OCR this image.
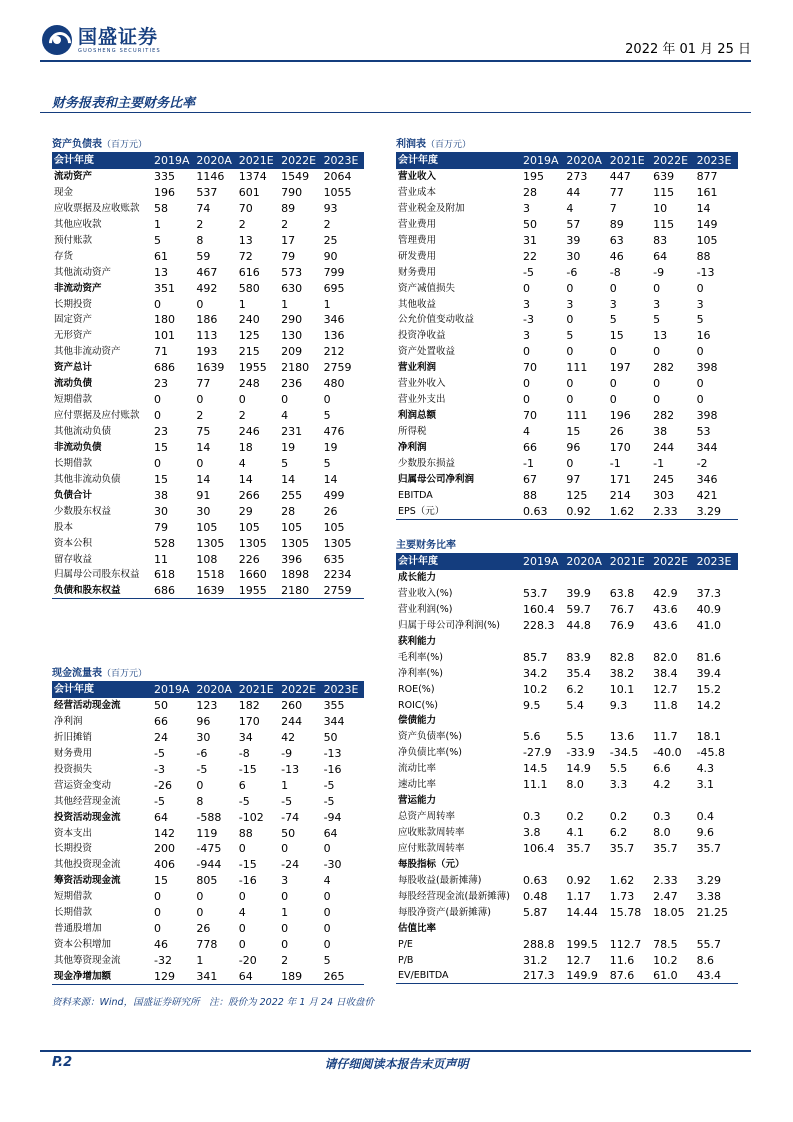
国盛证券
GUOSHENG SECURITIES	2022 年 01 月 25 日
财务报表和主要财务比率
资产负债表（百万元）
会计年度	2019A 2020A 2021E 2022E 2023E
流动资产	335	1146	1374	1549	2064
现金	196	537	601	790	1055
应收票据及应收账款	58	74	70	89	93
其他应收款	1	2	2	2	2
预付账款	5	8	13	17	25
存货	61	59	72	79	90
其他流动资产	13	467	616	573	799
非流动资产	351	492	580	630	695
长期投资	0	0	1	1	1
固定资产	180	186	240	290	346
无形资产	101	113	125	130	136
其他非流动资产	71	193	215	209	212
资产总计	686	1639	1955	2180	2759
流动负债	23	77	248	236	480
短期借款	0	0	0	0	0
应付票据及应付账款	0	2	2	4	5
其他流动负债	23	75	246	231	476
非流动负债	15	14	18	19	19
长期借款	0	0	4	5	5
其他非流动负债	15	14	14	14	14
负债合计	38	91	266	255	499
少数股东权益	30	30	29	28	26
股本	79	105	105	105	105
资本公积	528	1305	1305	1305	1305
留存收益	11	108	226	396	635
归属母公司股东权益	618	1518	1660	1898	2234
负债和股东权益	686	1639	1955	2180	2759
利润表（百万元）
会计年度	2019A 2020A 2021E 2022E 2023E
营业收入	195	273	447	639	877
营业成本	28	44	77	115	161
营业税金及附加	3	4	7	10	14
营业费用	50	57	89	115	149
管理费用	31	39	63	83	105
研发费用	22	30	46	64	88
财务费用	-5	-6	-8	-9	-13
资产减值损失	0	0	0	0	0
其他收益	3	3	3	3	3
公允价值变动收益	-3	0	5	5	5
投资净收益	3	5	15	13	16
资产处置收益	0	0	0	0	0
营业利润	70	111	197	282	398
营业外收入	0	0	0	0	0
营业外支出	0	0	0	0	0
利润总额	70	111	196	282	398
所得税	4	15	26	38	53
净利润	66	96	170	244	344
少数股东损益	-1	0	-1	-1	-2
归属母公司净利润	67	97	171	245	346
EBITDA	88	125	214	303	421
EPS（元）	0.63	0.92	1.62	2.33	3.29
主要财务比率
会计年度	2019A 2020A 2021E 2022E 2023E
成长能力
营业收入(%)	53.7	39.9	63.8	42.9	37.3
营业利润(%)	160.4	59.7	76.7	43.6	40.9
归属于母公司净利润(%)	228.3	44.8	76.9	43.6	41.0
获利能力
毛利率(%)	85.7	83.9	82.8	82.0	81.6
净利率(%)	34.2	35.4	38.2	38.4	39.4
ROE(%)	10.2	6.2	10.1	12.7	15.2
ROIC(%)	9.5	5.4	9.3	11.8	14.2
偿债能力
资产负债率(%)	5.6	5.5	13.6	11.7	18.1
净负债比率(%)	-27.9	-33.9	-34.5	-40.0	-45.8
流动比率	14.5	14.9	5.5	6.6	4.3
速动比率	11.1	8.0	3.3	4.2	3.1
营运能力
总资产周转率	0.3	0.2	0.2	0.3	0.4
应收账款周转率	3.8	4.1	6.2	8.0	9.6
应付账款周转率	106.4	35.7	35.7	35.7	35.7
每股指标（元）
每股收益(最新摊薄)	0.63	0.92	1.62	2.33	3.29
每股经营现金流(最新摊薄)	0.48	1.17	1.73	2.47	3.38
每股净资产(最新摊薄)	5.87	14.44	15.78	18.05	21.25
估值比率
P/E	288.8	199.5	112.7	78.5	55.7
P/B	31.2	12.7	11.6	10.2	8.6
EV/EBITDA	217.3	149.9	87.6	61.0	43.4
现金流量表（百万元）
会计年度	2019A 2020A 2021E 2022E 2023E
经营活动现金流	50	123	182	260	355
净利润	66	96	170	244	344
折旧摊销	24	30	34	42	50
财务费用	-5	-6	-8	-9	-13
投资损失	-3	-5	-15	-13	-16
营运资金变动	-26	0	6	1	-5
其他经营现金流	-5	8	-5	-5	-5
投资活动现金流	64	-588	-102	-74	-94
资本支出	142	119	88	50	64
长期投资	200	-475	0	0	0
其他投资现金流	406	-944	-15	-24	-30
筹资活动现金流	15	805	-16	3	4
短期借款	0	0	0	0	0
长期借款	0	0	4	1	0
普通股增加	0	26	0	0	0
资本公积增加	46	778	0	0	0
其他筹资现金流	-32	1	-20	2	5
现金净增加额	129	341	64	189	265
资料来源：Wind，国盛证券研究所　注：股价为 2022 年 1 月 24 日收盘价
P.2	请仔细阅读本报告末页声明
